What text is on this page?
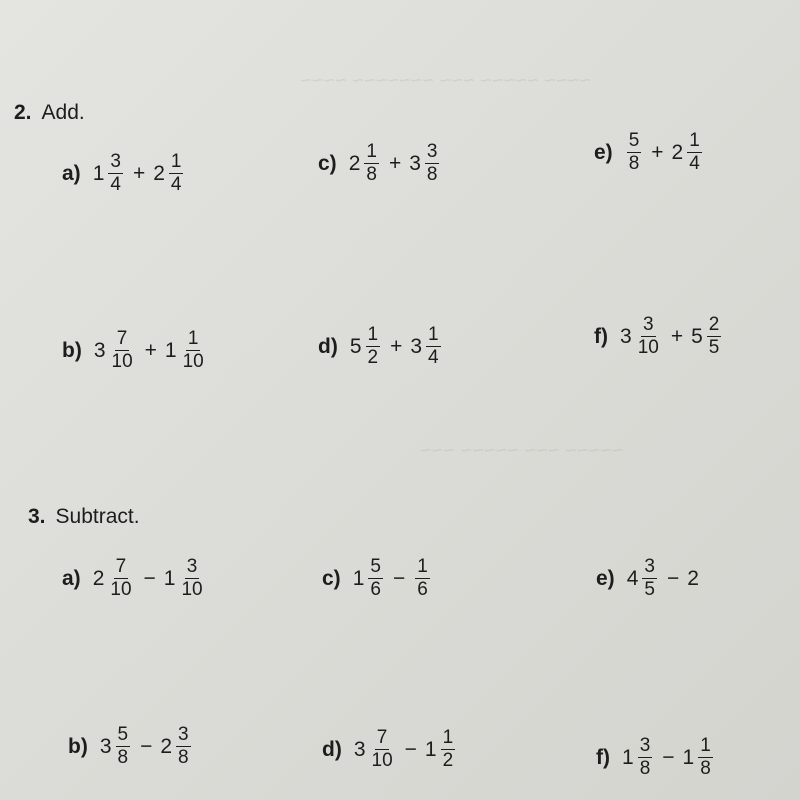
~~~~ ~~~~~ ~~~ ~~~~~~~ ~~~~
~~~~~ ~~~ ~~~~~ ~~~
2. Add.
a) $1 \frac{3}{4} + 2 \frac{1}{4}$
b) $3 \frac{7}{10} + 1 \frac{1}{10}$
c) $2 \frac{1}{8} + 3 \frac{3}{8}$
d) $5 \frac{1}{2} + 3 \frac{1}{4}$
$e) \frac{5}{8} + 2 \frac{1}{4}$
f) $3 \frac{3}{10} + 5 \frac{2}{5}$
3. Subtract.
a) $2 \frac{7}{10} - 1 \frac{3}{10}$
b) $3 \frac{5}{8} - 2 \frac{3}{8}$
c) $1 \frac{5}{6} - \frac{1}{6}$
d) $3 \frac{7}{10} - 1 \frac{1}{2}$
e) $4 \frac{3}{5} - 2$
f) $1 \frac{3}{8} - 1 \frac{1}{8}$
